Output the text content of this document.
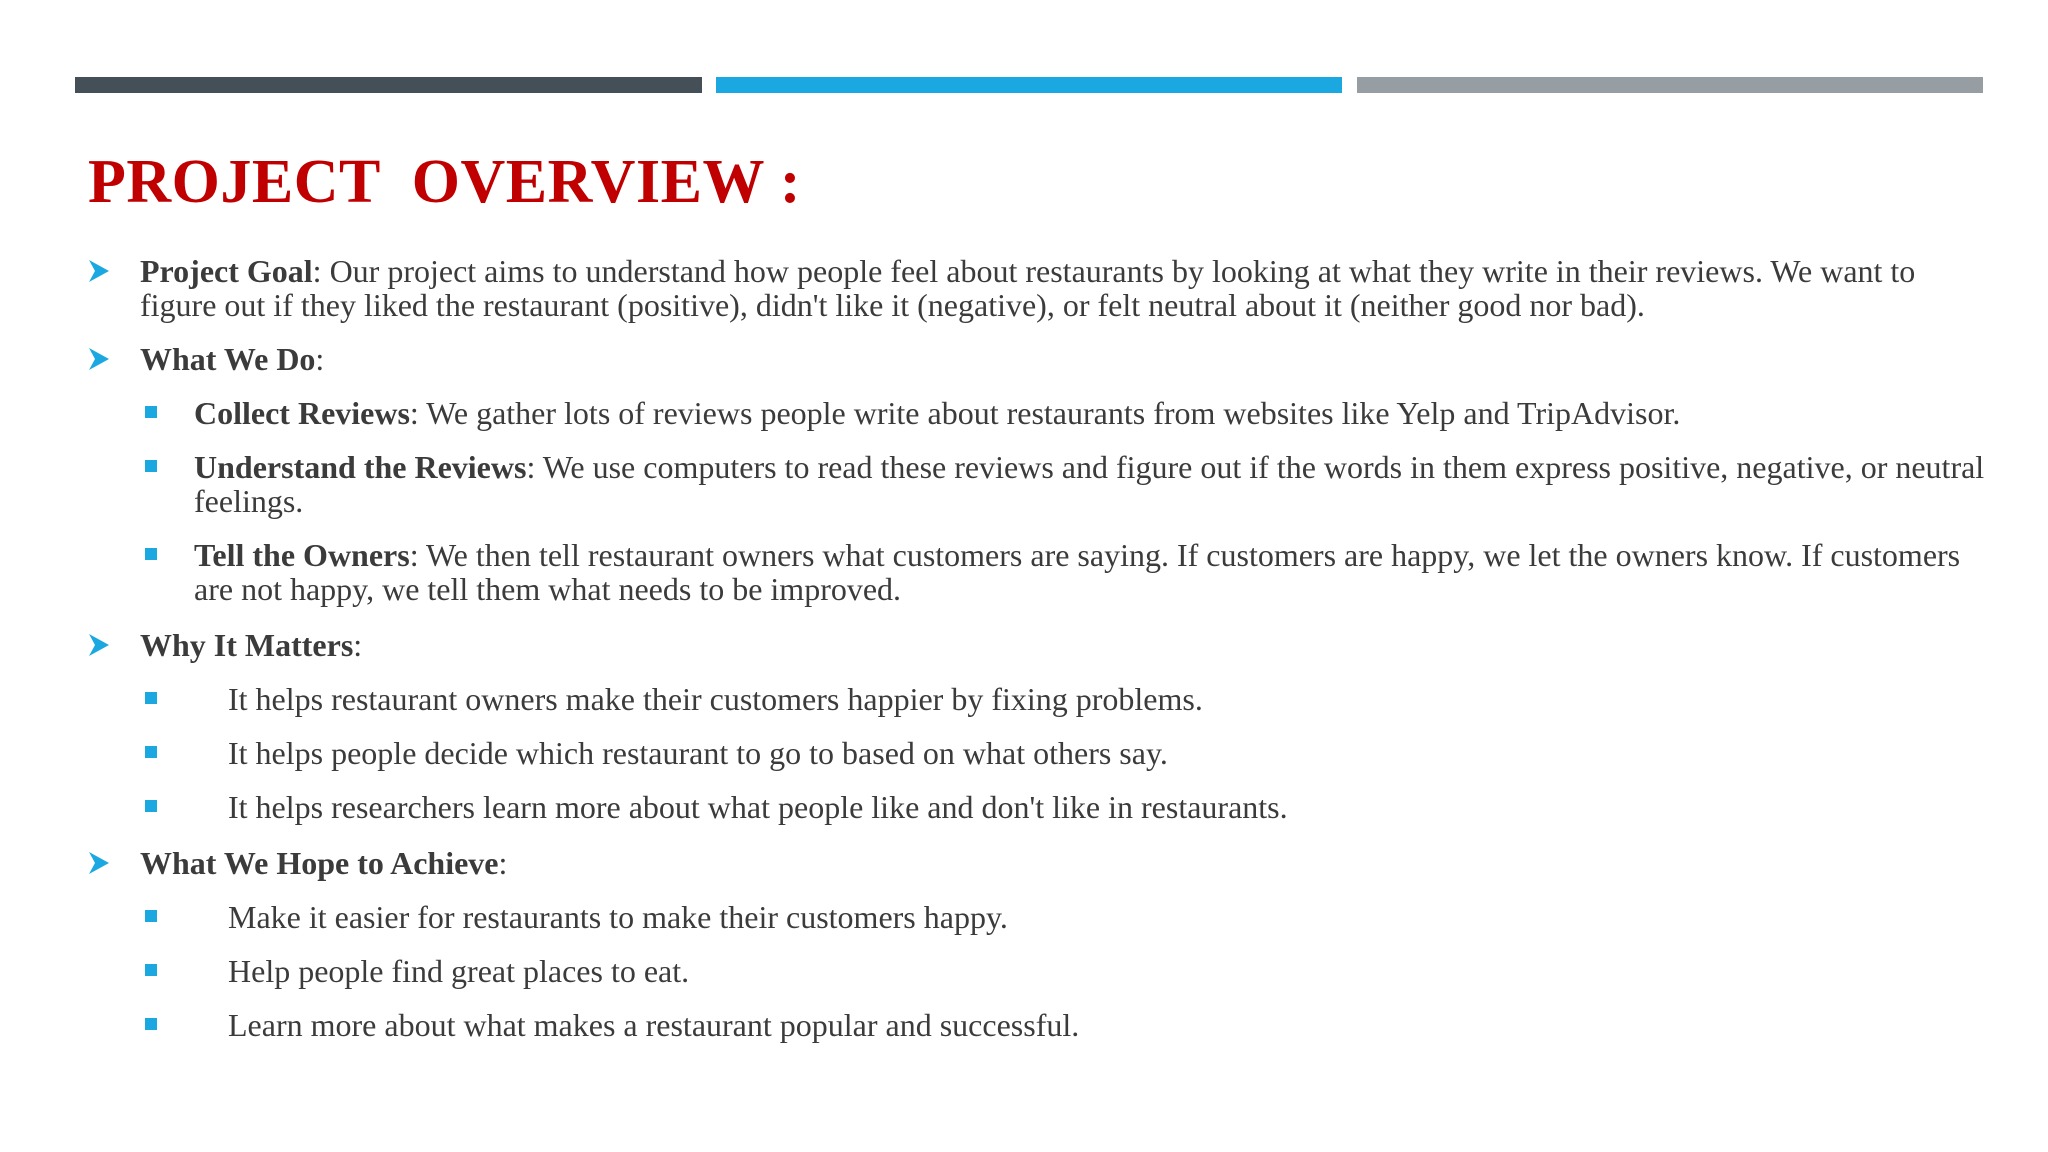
PROJECT  OVERVIEW :
Project Goal: Our project aims to understand how people feel about restaurants by looking at what they write in their reviews. We want to figure out if they liked the restaurant (positive), didn't like it (negative), or felt neutral about it (neither good nor bad).
What We Do:
Collect Reviews: We gather lots of reviews people write about restaurants from websites like Yelp and TripAdvisor.
Understand the Reviews: We use computers to read these reviews and figure out if the words in them express positive, negative, or neutral feelings.
Tell the Owners: We then tell restaurant owners what customers are saying. If customers are happy, we let the owners know. If customers are not happy, we tell them what needs to be improved.
Why It Matters:
It helps restaurant owners make their customers happier by fixing problems.
It helps people decide which restaurant to go to based on what others say.
It helps researchers learn more about what people like and don't like in restaurants.
What We Hope to Achieve:
Make it easier for restaurants to make their customers happy.
Help people find great places to eat.
Learn more about what makes a restaurant popular and successful.
